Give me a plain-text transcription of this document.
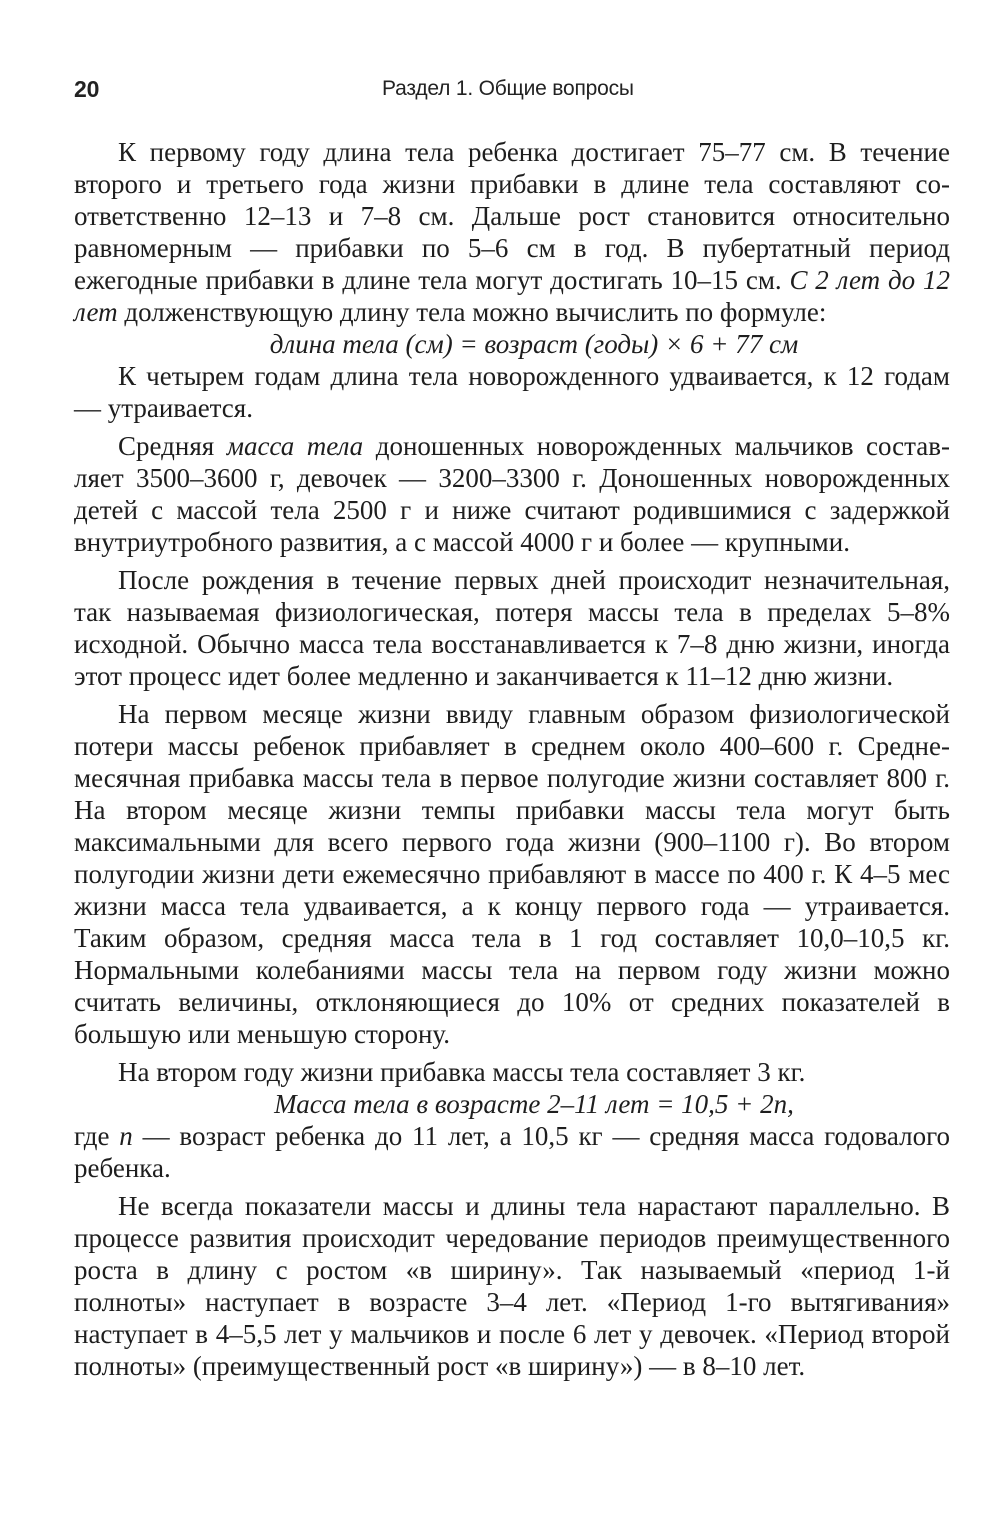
20	Раздел 1. Общие вопросы

К первому году длина тела ребенка достигает 75–77 см. В течение второго и третьего года жизни прибавки в длине тела составляют соответственно 12–13 и 7–8 см. Дальше рост становится относительно равномерным — прибавки по 5–6 см в год. В пубертатный период ежегодные прибавки в длине тела могут достигать 10–15 см. С 2 лет до 12 лет долженствующую длину тела можно вычислить по формуле:

длина тела (см) = возраст (годы) × 6 + 77 см

К четырем годам длина тела новорожденного удваивается, к 12 годам — утраивается.

Средняя масса тела доношенных новорожденных мальчиков составляет 3500–3600 г, девочек — 3200–3300 г. Доношенных новорожденных детей с массой тела 2500 г и ниже считают родившимися с задержкой внутриутробного развития, а с массой 4000 г и более — крупными.

После рождения в течение первых дней происходит незначительная, так называемая физиологическая, потеря массы тела в пределах 5–8% исходной. Обычно масса тела восстанавливается к 7–8 дню жизни, иногда этот процесс идет более медленно и заканчивается к 11–12 дню жизни.

На первом месяце жизни ввиду главным образом физиологической потери массы ребенок прибавляет в среднем около 400–600 г. Среднемесячная прибавка массы тела в первое полугодие жизни составляет 800 г. На втором месяце жизни темпы прибавки массы тела могут быть максимальными для всего первого года жизни (900–1100 г). Во втором полугодии жизни дети ежемесячно прибавляют в массе по 400 г. К 4–5 мес жизни масса тела удваивается, а к концу первого года — утраивается. Таким образом, средняя масса тела в 1 год составляет 10,0–10,5 кг. Нормальными колебаниями массы тела на первом году жизни можно считать величины, отклоняющиеся до 10% от средних показателей в большую или меньшую сторону.

На втором году жизни прибавка массы тела составляет 3 кг.

Масса тела в возрасте 2–11 лет = 10,5 + 2n,

где n — возраст ребенка до 11 лет, а 10,5 кг — средняя масса годовалого ребенка.

Не всегда показатели массы и длины тела нарастают параллельно. В процессе развития происходит чередование периодов преимущественного роста в длину с ростом «в ширину». Так называемый «период 1-й полноты» наступает в возрасте 3–4 лет. «Период 1-го вытягивания» наступает в 4–5,5 лет у мальчиков и после 6 лет у девочек. «Период второй полноты» (преимущественный рост «в ширину») — в 8–10 лет.
